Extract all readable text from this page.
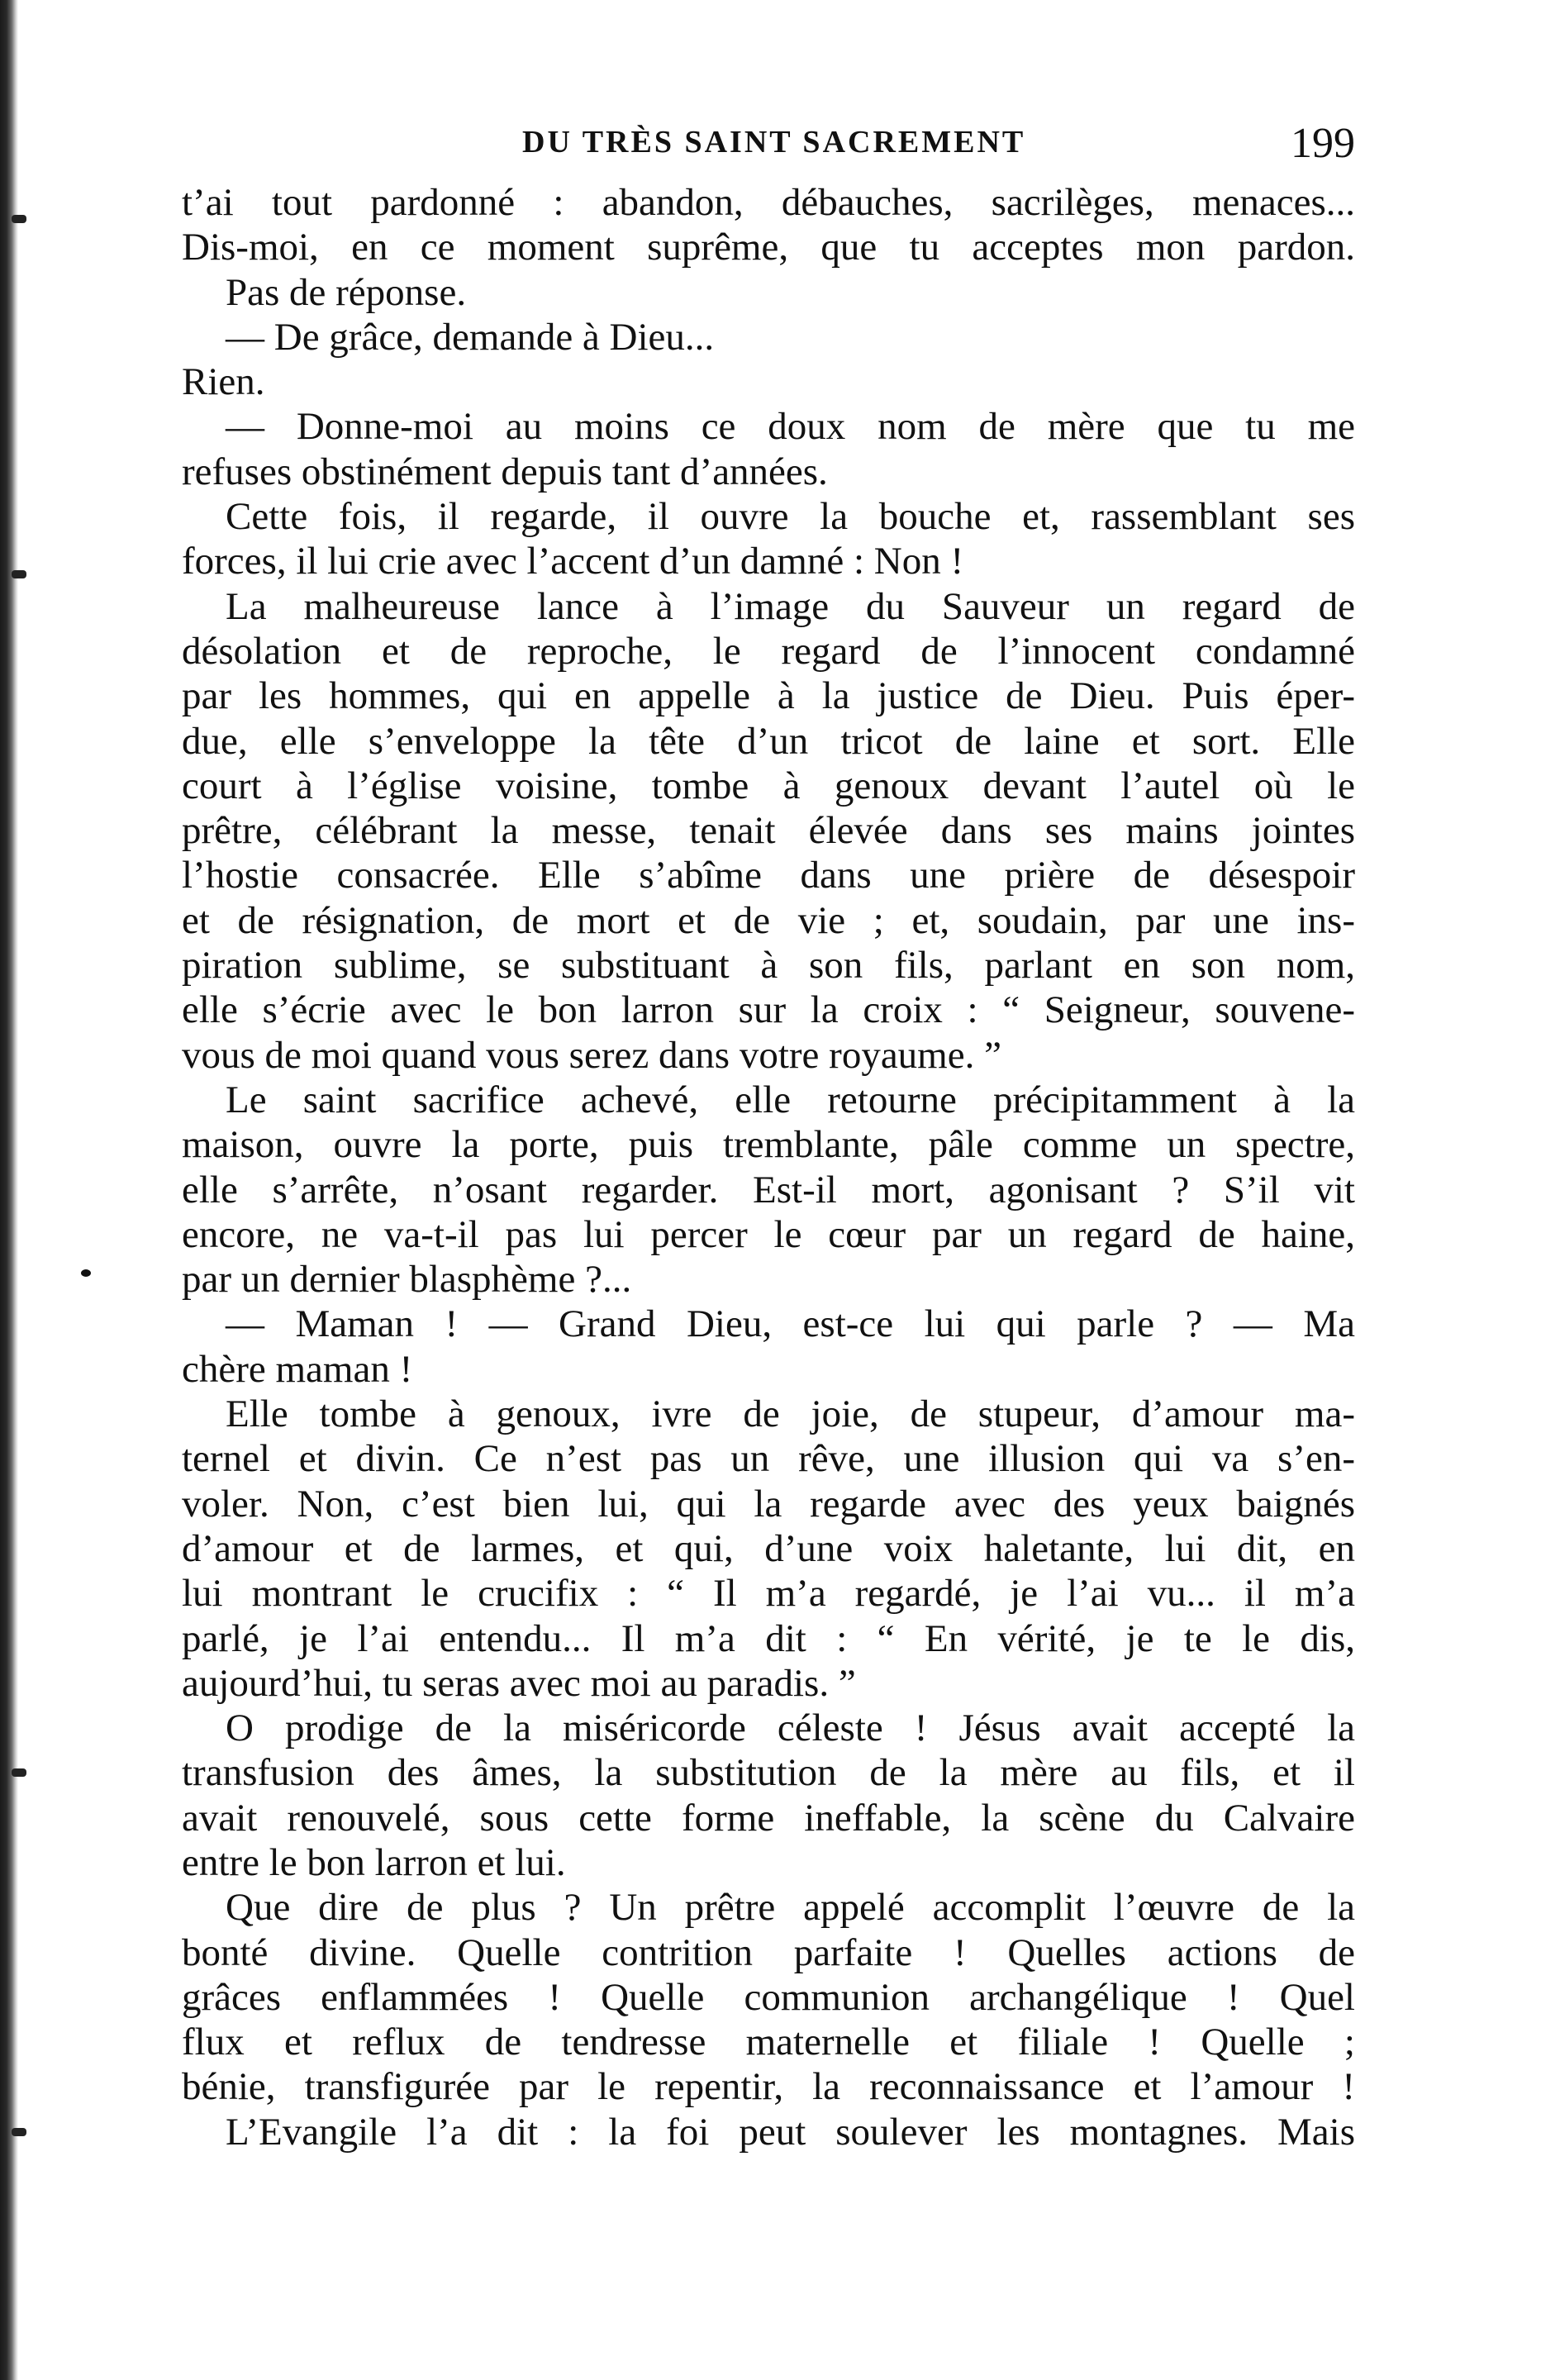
DU TRÈS SAINT SACREMENT	199
t’ai tout pardonné : abandon, débauches, sacrilèges, menaces...
Dis-moi, en ce moment suprême, que tu acceptes mon pardon.
Pas de réponse.
— De grâce, demande à Dieu...
Rien.
— Donne-moi au moins ce doux nom de mère que tu me
refuses obstinément depuis tant d’années.
Cette fois, il regarde, il ouvre la bouche et, rassemblant ses
forces, il lui crie avec l’accent d’un damné : Non !
La malheureuse lance à l’image du Sauveur un regard de
désolation et de reproche, le regard de l’innocent condamné
par les hommes, qui en appelle à la justice de Dieu. Puis éper-
due, elle s’enveloppe la tête d’un tricot de laine et sort. Elle
court à l’église voisine, tombe à genoux devant l’autel où le
prêtre, célébrant la messe, tenait élevée dans ses mains jointes
l’hostie consacrée. Elle s’abîme dans une prière de désespoir
et de résignation, de mort et de vie ; et, soudain, par une ins-
piration sublime, se substituant à son fils, parlant en son nom,
elle s’écrie avec le bon larron sur la croix : “ Seigneur, souvene-
vous de moi quand vous serez dans votre royaume. ”
Le saint sacrifice achevé, elle retourne précipitamment à la
maison, ouvre la porte, puis tremblante, pâle comme un spectre,
elle s’arrête, n’osant regarder. Est-il mort, agonisant ? S’il vit
encore, ne va-t-il pas lui percer le cœur par un regard de haine,
par un dernier blasphème ?...
— Maman ! — Grand Dieu, est-ce lui qui parle ? — Ma
chère maman !
Elle tombe à genoux, ivre de joie, de stupeur, d’amour ma-
ternel et divin. Ce n’est pas un rêve, une illusion qui va s’en-
voler. Non, c’est bien lui, qui la regarde avec des yeux baignés
d’amour et de larmes, et qui, d’une voix haletante, lui dit, en
lui montrant le crucifix : “ Il m’a regardé, je l’ai vu... il m’a
parlé, je l’ai entendu... Il m’a dit : “ En vérité, je te le dis,
aujourd’hui, tu seras avec moi au paradis. ”
O prodige de la miséricorde céleste ! Jésus avait accepté la
transfusion des âmes, la substitution de la mère au fils, et il
avait renouvelé, sous cette forme ineffable, la scène du Calvaire
entre le bon larron et lui.
Que dire de plus ? Un prêtre appelé accomplit l’œuvre de la
bonté divine. Quelle contrition parfaite ! Quelles actions de
grâces enflammées ! Quelle communion archangélique ! Quel
flux et reflux de tendresse maternelle et filiale ! Quelle ;
bénie, transfigurée par le repentir, la reconnaissance et l’amour !
L’Evangile l’a dit : la foi peut soulever les montagnes. Mais
